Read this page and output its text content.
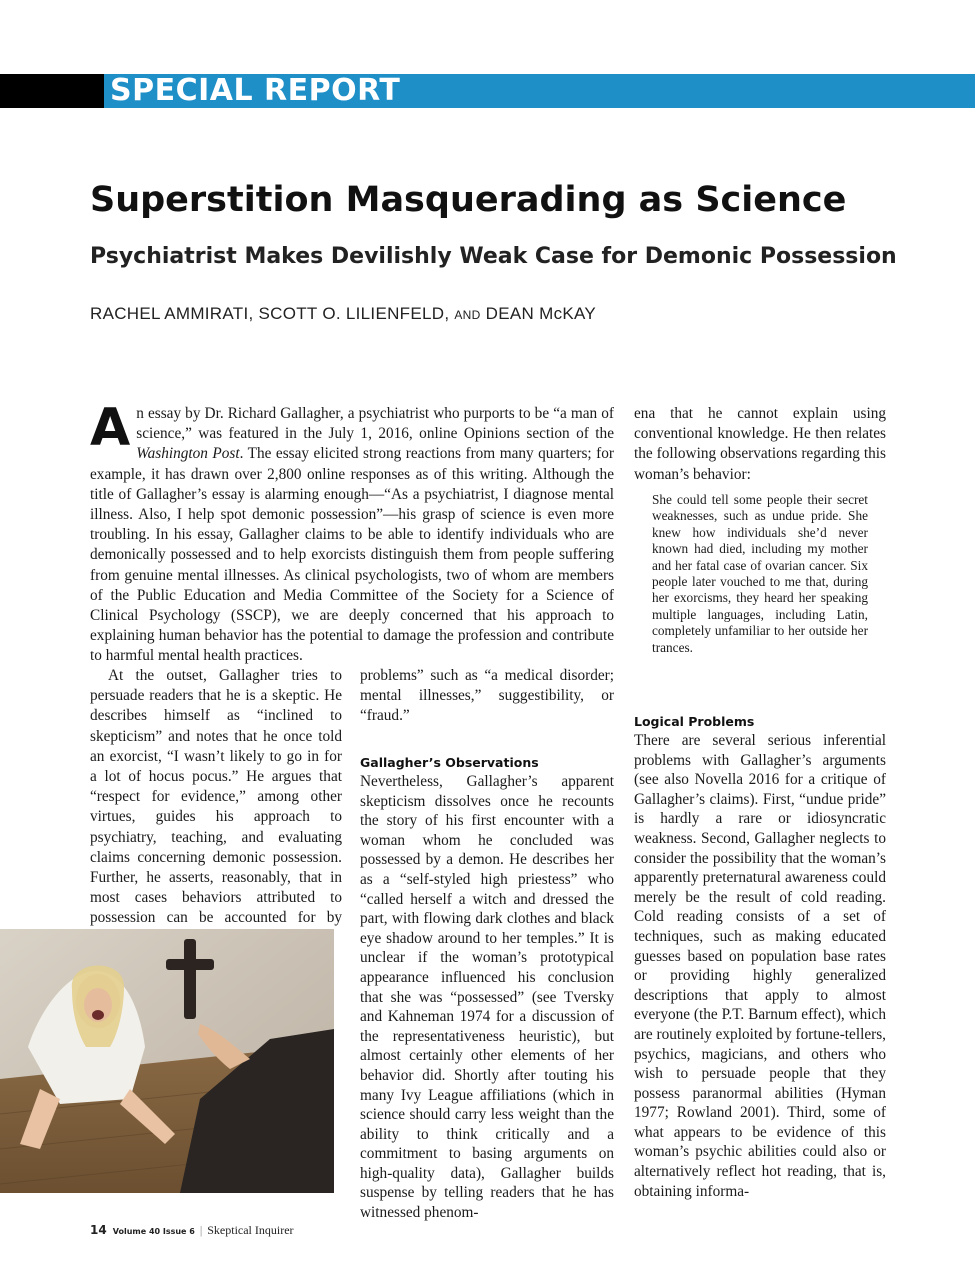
SPECIAL REPORT
Superstition Masquerading as Science
Psychiatrist Makes Devilishly Weak Case for Demonic Possession
RACHEL AMMIRATI, SCOTT O. LILIENFELD, AND DEAN McKAY

An essay by Dr. Richard Gallagher, a psychiatrist who purports to be “a man of science,” was featured in the July 1, 2016, online Opinions section of the Washington Post. The essay elicited strong reactions from many quarters; for example, it has drawn over 2,800 online responses as of this writing. Although the title of Gallagher’s essay is alarming enough—“As a psychiatrist, I diagnose mental illness. Also, I help spot demonic possession”—his grasp of science is even more troubling. In his essay, Gallagher claims to be able to identify individuals who are demonically possessed and to help exorcists distinguish them from people suffering from genuine mental illnesses. As clinical psychologists, two of whom are members of the Public Education and Media Committee of the Society for a Science of Clinical Psychology (SSCP), we are deeply concerned that his approach to explaining human behavior has the potential to damage the profession and contribute to harmful mental health practices.

At the outset, Gallagher tries to persuade readers that he is a skeptic. He describes himself as “inclined to skepticism” and notes that he once told an exorcist, “I wasn’t likely to go in for a lot of hocus pocus.” He argues that “respect for evidence,” among other virtues, guides his approach to psychiatry, teaching, and evaluating claims concerning demonic possession. Further, he asserts, reasonably, that in most cases behaviors attributed to possession can be accounted for by

problems” such as “a medical disorder; mental illnesses,” suggestibility, or “fraud.”

Gallagher’s Observations

Nevertheless, Gallagher’s apparent skepticism dissolves once he recounts the story of his first encounter with a woman whom he concluded was possessed by a demon. He describes her as a “self-styled high priestess” who “called herself a witch and dressed the part, with flowing dark clothes and black eye shadow around to her temples.” It is unclear if the woman’s prototypical appearance influenced his conclusion that she was “possessed” (see Tversky and Kahneman 1974 for a discussion of the representativeness heuristic), but almost certainly other elements of her behavior did. Shortly after touting his many Ivy League affiliations (which in science should carry less weight than the ability to think critically and a commitment to basing arguments on high-quality data), Gallagher builds suspense by telling readers that he has witnessed phenom-

ena that he cannot explain using conventional knowledge. He then relates the following observations regarding this woman’s behavior:

She could tell some people their secret weaknesses, such as undue pride. She knew how individuals she’d never known had died, including my mother and her fatal case of ovarian cancer. Six people later vouched to me that, during her exorcisms, they heard her speaking multiple languages, including Latin, completely unfamiliar to her outside her trances.

Logical Problems

There are several serious inferential problems with Gallagher’s arguments (see also Novella 2016 for a critique of Gallagher’s claims). First, “undue pride” is hardly a rare or idiosyncratic weakness. Second, Gallagher neglects to consider the possibility that the woman’s apparently preternatural awareness could merely be the result of cold reading. Cold reading consists of a set of techniques, such as making educated guesses based on population base rates or providing highly generalized descriptions that apply to almost everyone (the P.T. Barnum effect), which are routinely exploited by fortune-tellers, psychics, magicians, and others who wish to persuade people that they possess paranormal abilities (Hyman 1977; Rowland 2001). Third, some of what appears to be evidence of this woman’s psychic abilities could also or alternatively reflect hot reading, that is, obtaining informa-

14 Volume 40 Issue 6 | Skeptical Inquirer
